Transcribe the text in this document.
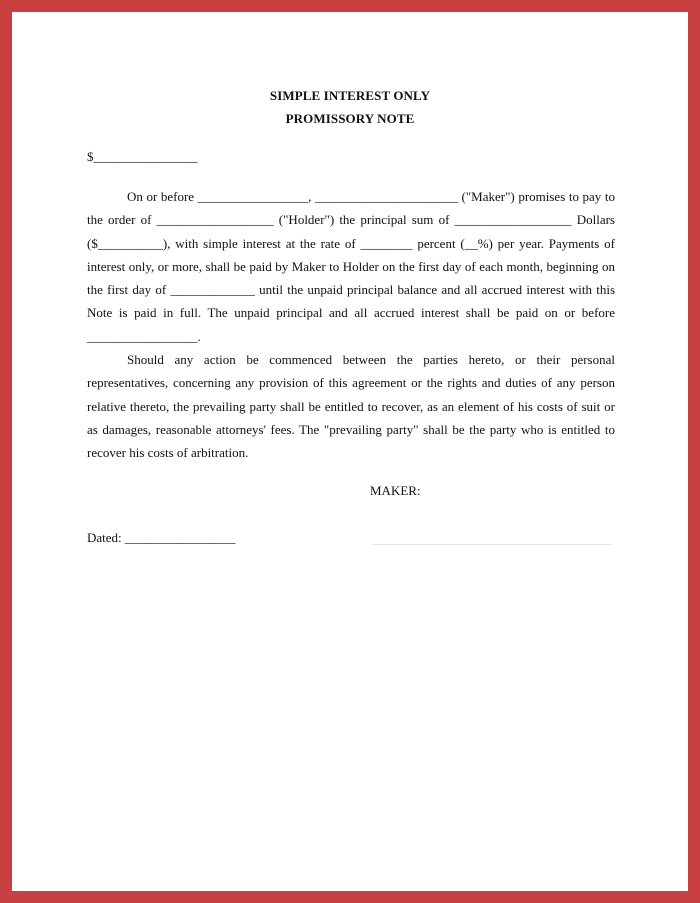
SIMPLE INTEREST ONLY
PROMISSORY NOTE
$________________

On or before _________________, ______________________ ("Maker") promises to pay to the order of __________________ ("Holder") the principal sum of __________________ Dollars ($__________), with simple interest at the rate of ________ percent (__%) per year. Payments of interest only, or more, shall be paid by Maker to Holder on the first day of each month, beginning on the first day of _____________ until the unpaid principal balance and all accrued interest with this Note is paid in full. The unpaid principal and all accrued interest shall be paid on or before _________________.

Should any action be commenced between the parties hereto, or their personal representatives, concerning any provision of this agreement or the rights and duties of any person relative thereto, the prevailing party shall be entitled to recover, as an element of his costs of suit or as damages, reasonable attorneys' fees. The "prevailing party" shall be the party who is entitled to recover his costs of arbitration.

MAKER:
Dated: _________________
